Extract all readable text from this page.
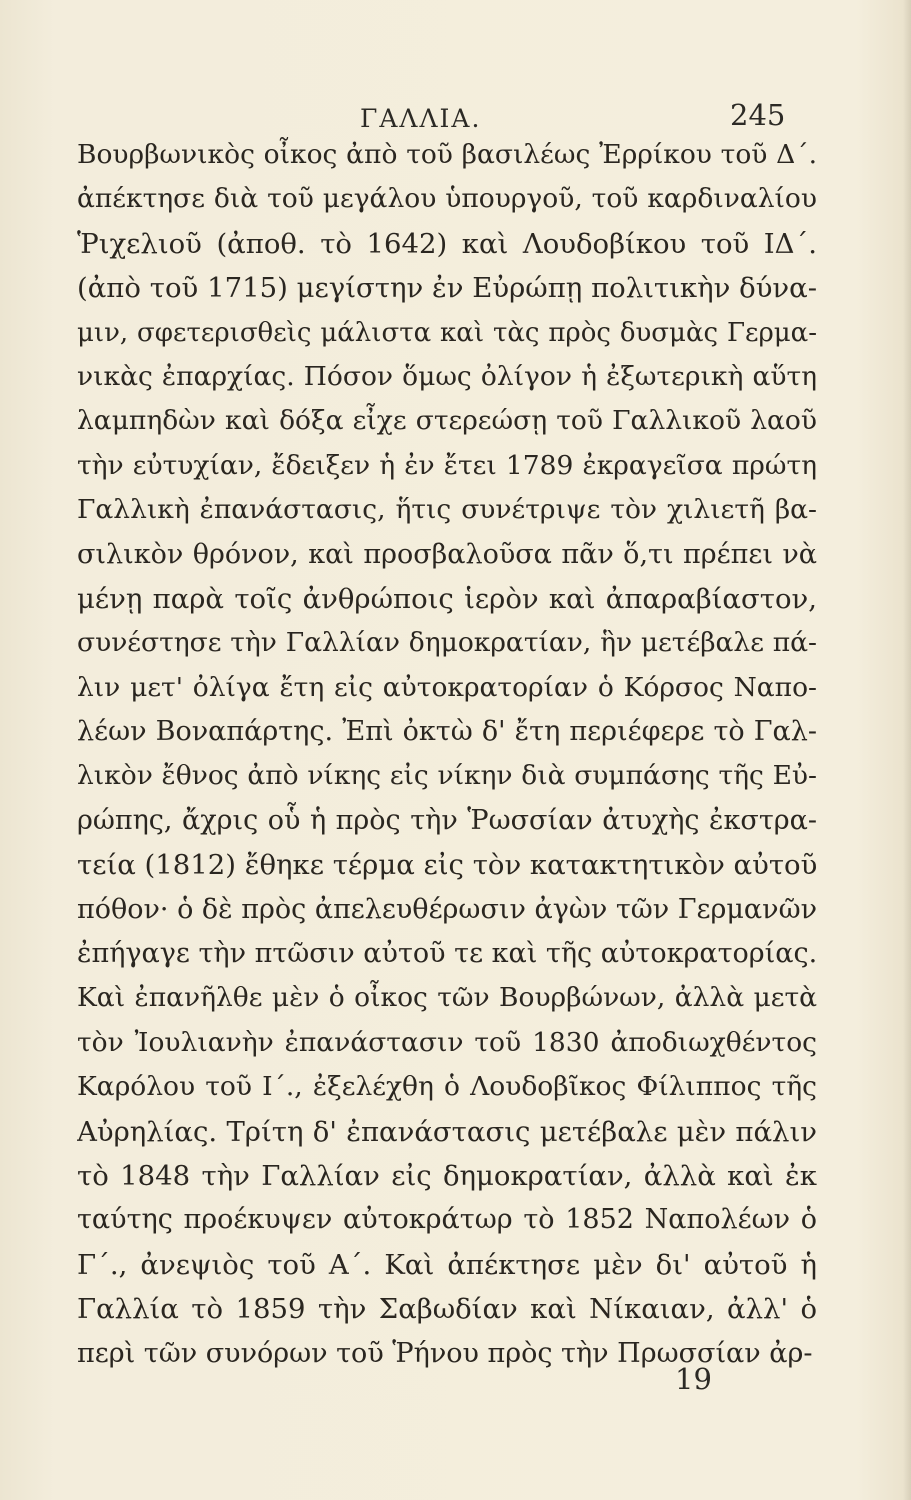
ΓΑΛΛΙΑ.	245
Βουρβωνικὸς οἶκος ἀπὸ τοῦ βασιλέως Ἐρρίκου τοῦ Δ΄.
ἀπέκτησε διὰ τοῦ μεγάλου ὑπουργοῦ, τοῦ καρδιναλίου
Ῥιχελιοῦ (ἀποθ. τὸ 1642) καὶ Λουδοβίκου τοῦ ΙΔ΄.
(ἀπὸ τοῦ 1715) μεγίστην ἐν Εὐρώπῃ πολιτικὴν δύνα-
μιν, σφετερισθεὶς μάλιστα καὶ τὰς πρὸς δυσμὰς Γερμα-
νικὰς ἐπαρχίας. Πόσον ὅμως ὀλίγον ἡ ἐξωτερικὴ αὕτη
λαμπηδὼν καὶ δόξα εἶχε στερεώσῃ τοῦ Γαλλικοῦ λαοῦ
τὴν εὐτυχίαν, ἔδειξεν ἡ ἐν ἔτει 1789 ἐκραγεῖσα πρώτη
Γαλλικὴ ἐπανάστασις, ἥτις συνέτριψε τὸν χιλιετῆ βα-
σιλικὸν θρόνον, καὶ προσβαλοῦσα πᾶν ὅ,τι πρέπει νὰ
μένῃ παρὰ τοῖς ἀνθρώποις ἱερὸν καὶ ἀπαραβίαστον,
συνέστησε τὴν Γαλλίαν δημοκρατίαν, ἣν μετέβαλε πά-
λιν μετ' ὀλίγα ἔτη εἰς αὐτοκρατορίαν ὁ Κόρσος Ναπο-
λέων Βοναπάρτης. Ἐπὶ ὀκτὼ δ' ἔτη περιέφερε τὸ Γαλ-
λικὸν ἔθνος ἀπὸ νίκης εἰς νίκην διὰ συμπάσης τῆς Εὐ-
ρώπης, ἄχρις οὗ ἡ πρὸς τὴν Ῥωσσίαν ἀτυχὴς ἐκστρα-
τεία (1812) ἔθηκε τέρμα εἰς τὸν κατακτητικὸν αὐτοῦ
πόθον· ὁ δὲ πρὸς ἀπελευθέρωσιν ἀγὼν τῶν Γερμανῶν
ἐπήγαγε τὴν πτῶσιν αὐτοῦ τε καὶ τῆς αὐτοκρατορίας.
Καὶ ἐπανῆλθε μὲν ὁ οἶκος τῶν Βουρβώνων, ἀλλὰ μετὰ
τὸν Ἰουλιανὴν ἐπανάστασιν τοῦ 1830 ἀποδιωχθέντος
Καρόλου τοῦ Ι΄., ἐξελέχθη ὁ Λουδοβῖκος Φίλιππος τῆς
Αὐρηλίας. Τρίτη δ' ἐπανάστασις μετέβαλε μὲν πάλιν
τὸ 1848 τὴν Γαλλίαν εἰς δημοκρατίαν, ἀλλὰ καὶ ἐκ
ταύτης προέκυψεν αὐτοκράτωρ τὸ 1852 Ναπολέων ὁ
Γ΄., ἀνεψιὸς τοῦ Α΄. Καὶ ἀπέκτησε μὲν δι' αὐτοῦ ἡ
Γαλλία τὸ 1859 τὴν Σαβωδίαν καὶ Νίκαιαν, ἀλλ' ὁ
περὶ τῶν συνόρων τοῦ Ῥήνου πρὸς τὴν Πρωσσίαν ἀρ-
19
